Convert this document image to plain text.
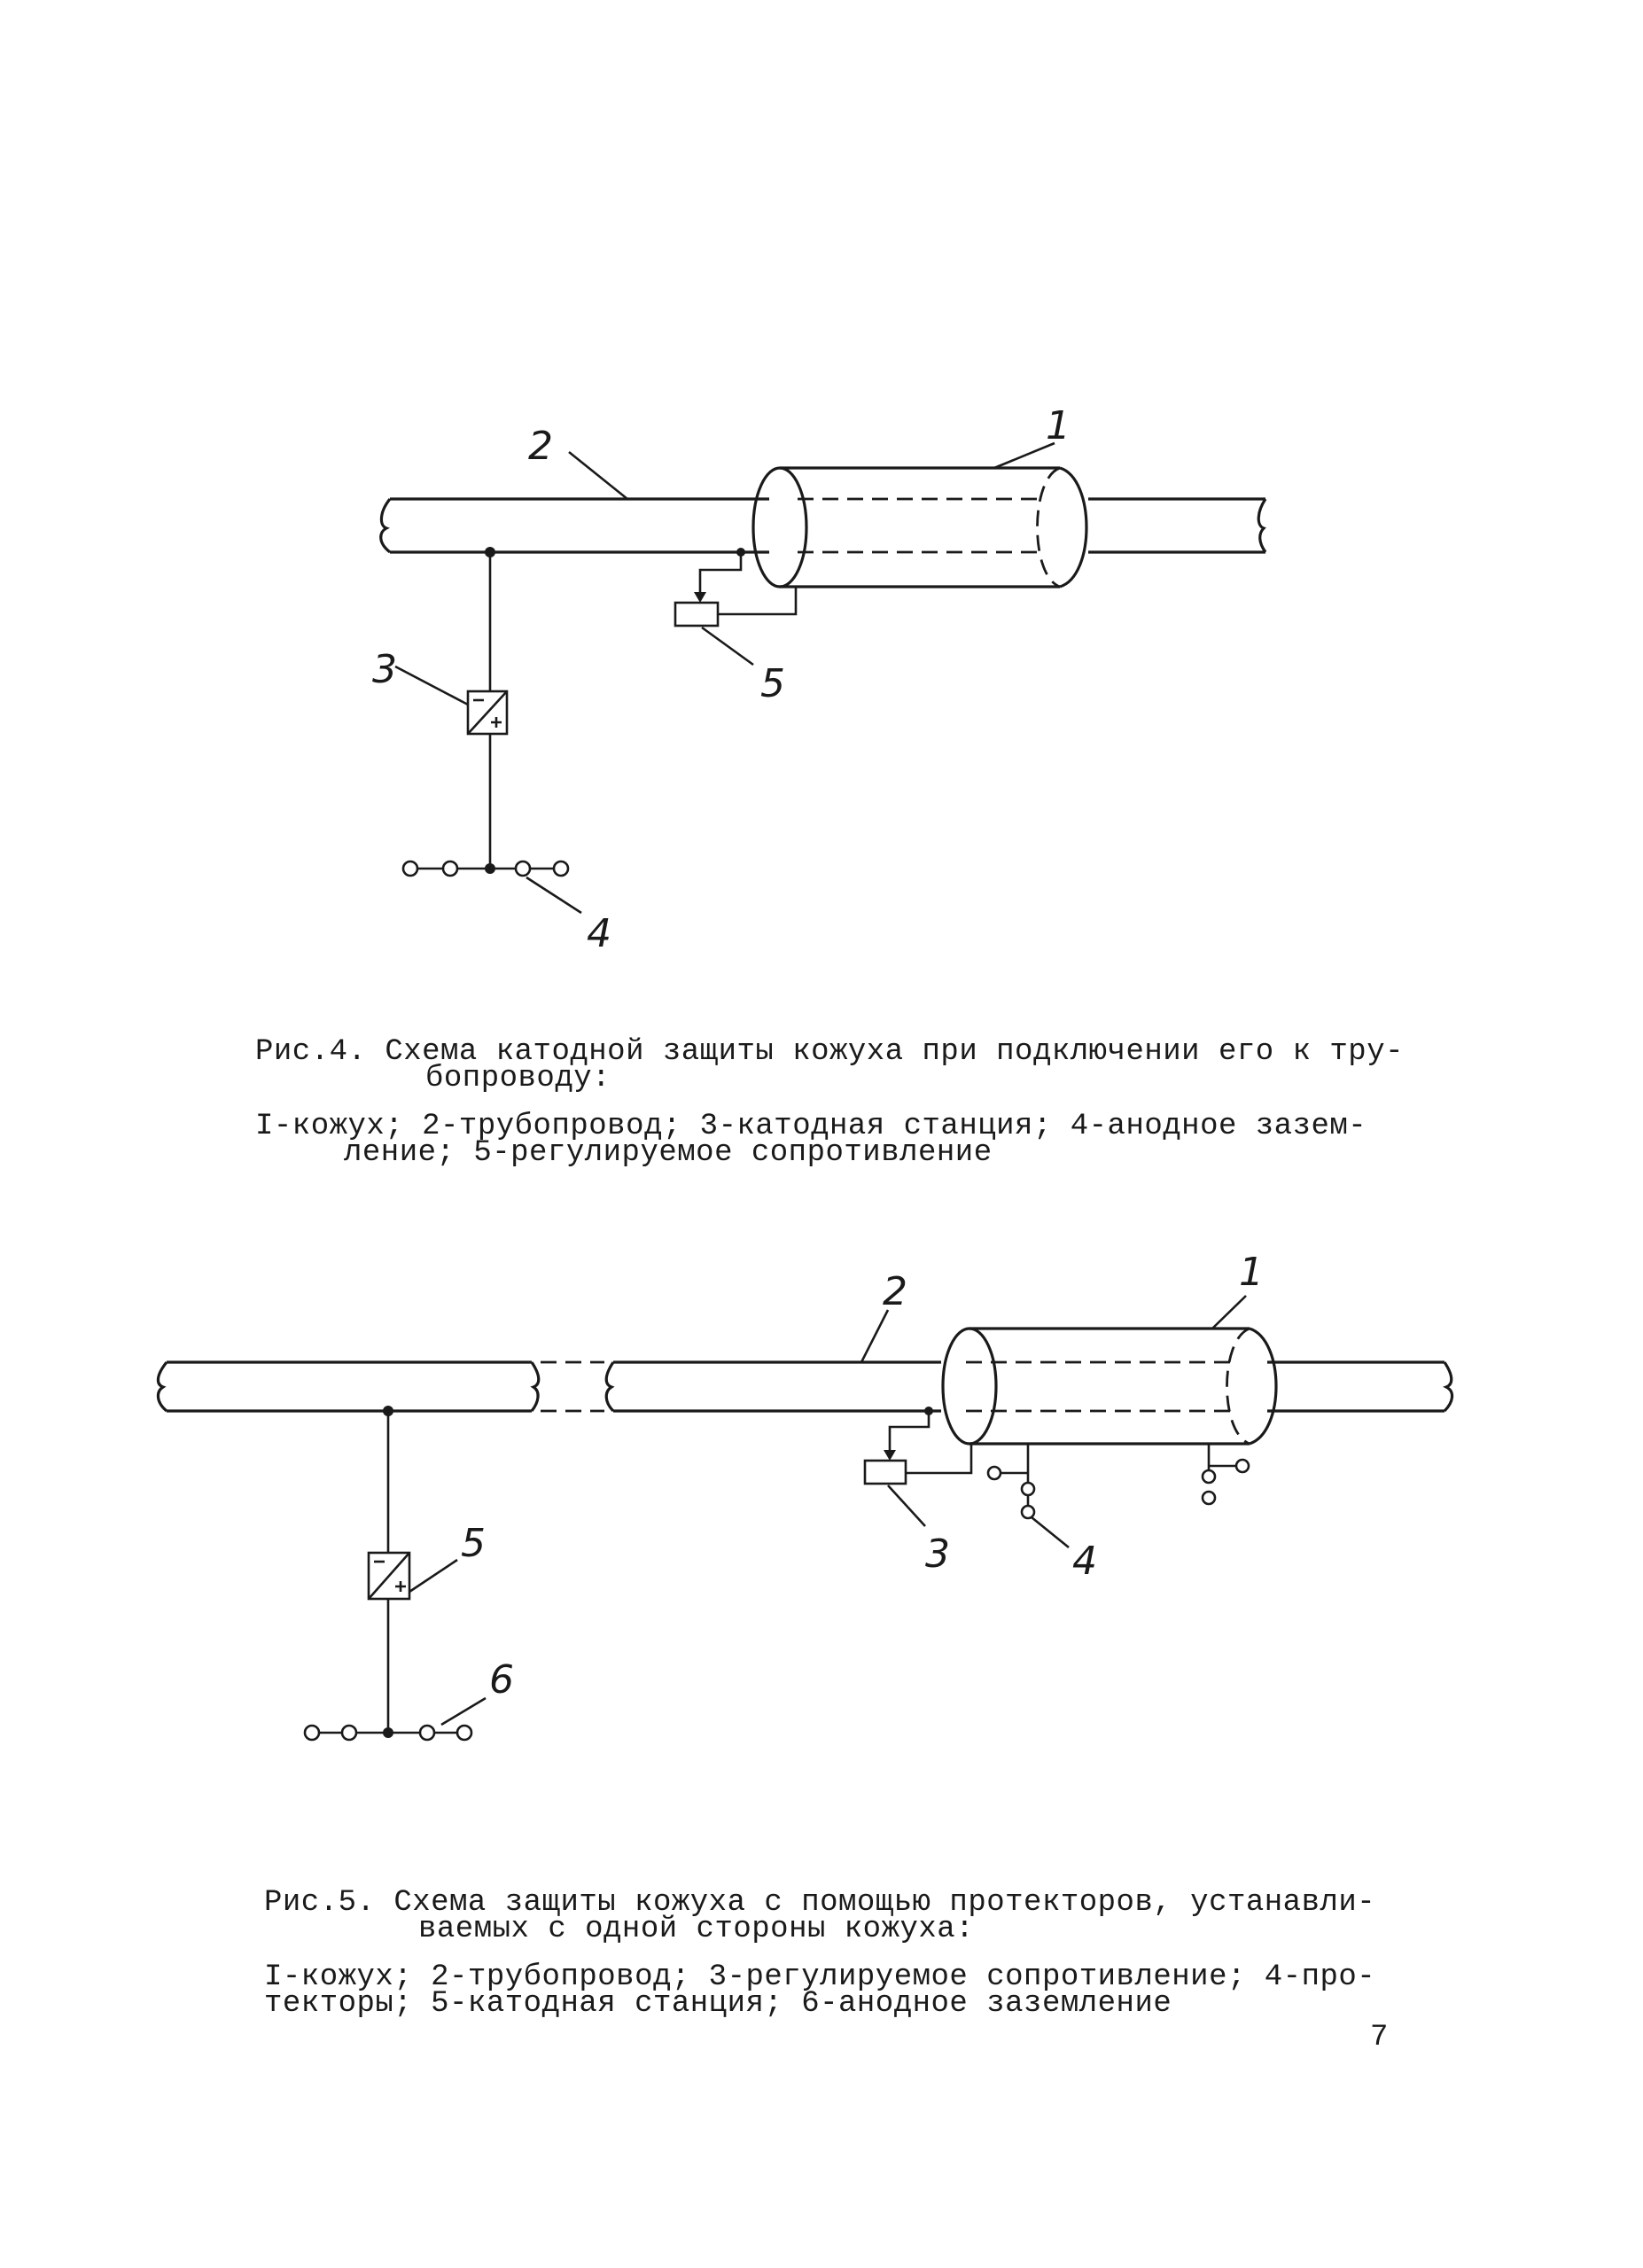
2	1
5
3
4
2	1
3	4
5
6
Рис.4. Схема катодной защиты кожуха при подключении его к тру-
бопроводу:
I-кожух; 2-трубопровод; 3-катодная станция; 4-анодное зазем-
ление; 5-регулируемое сопротивление
Рис.5. Схема защиты кожуха с помощью протекторов, устанавли-
ваемых с одной стороны кожуха:
I-кожух; 2-трубопровод; 3-регулируемое сопротивление; 4-про-
текторы; 5-катодная станция; 6-анодное заземление
7
